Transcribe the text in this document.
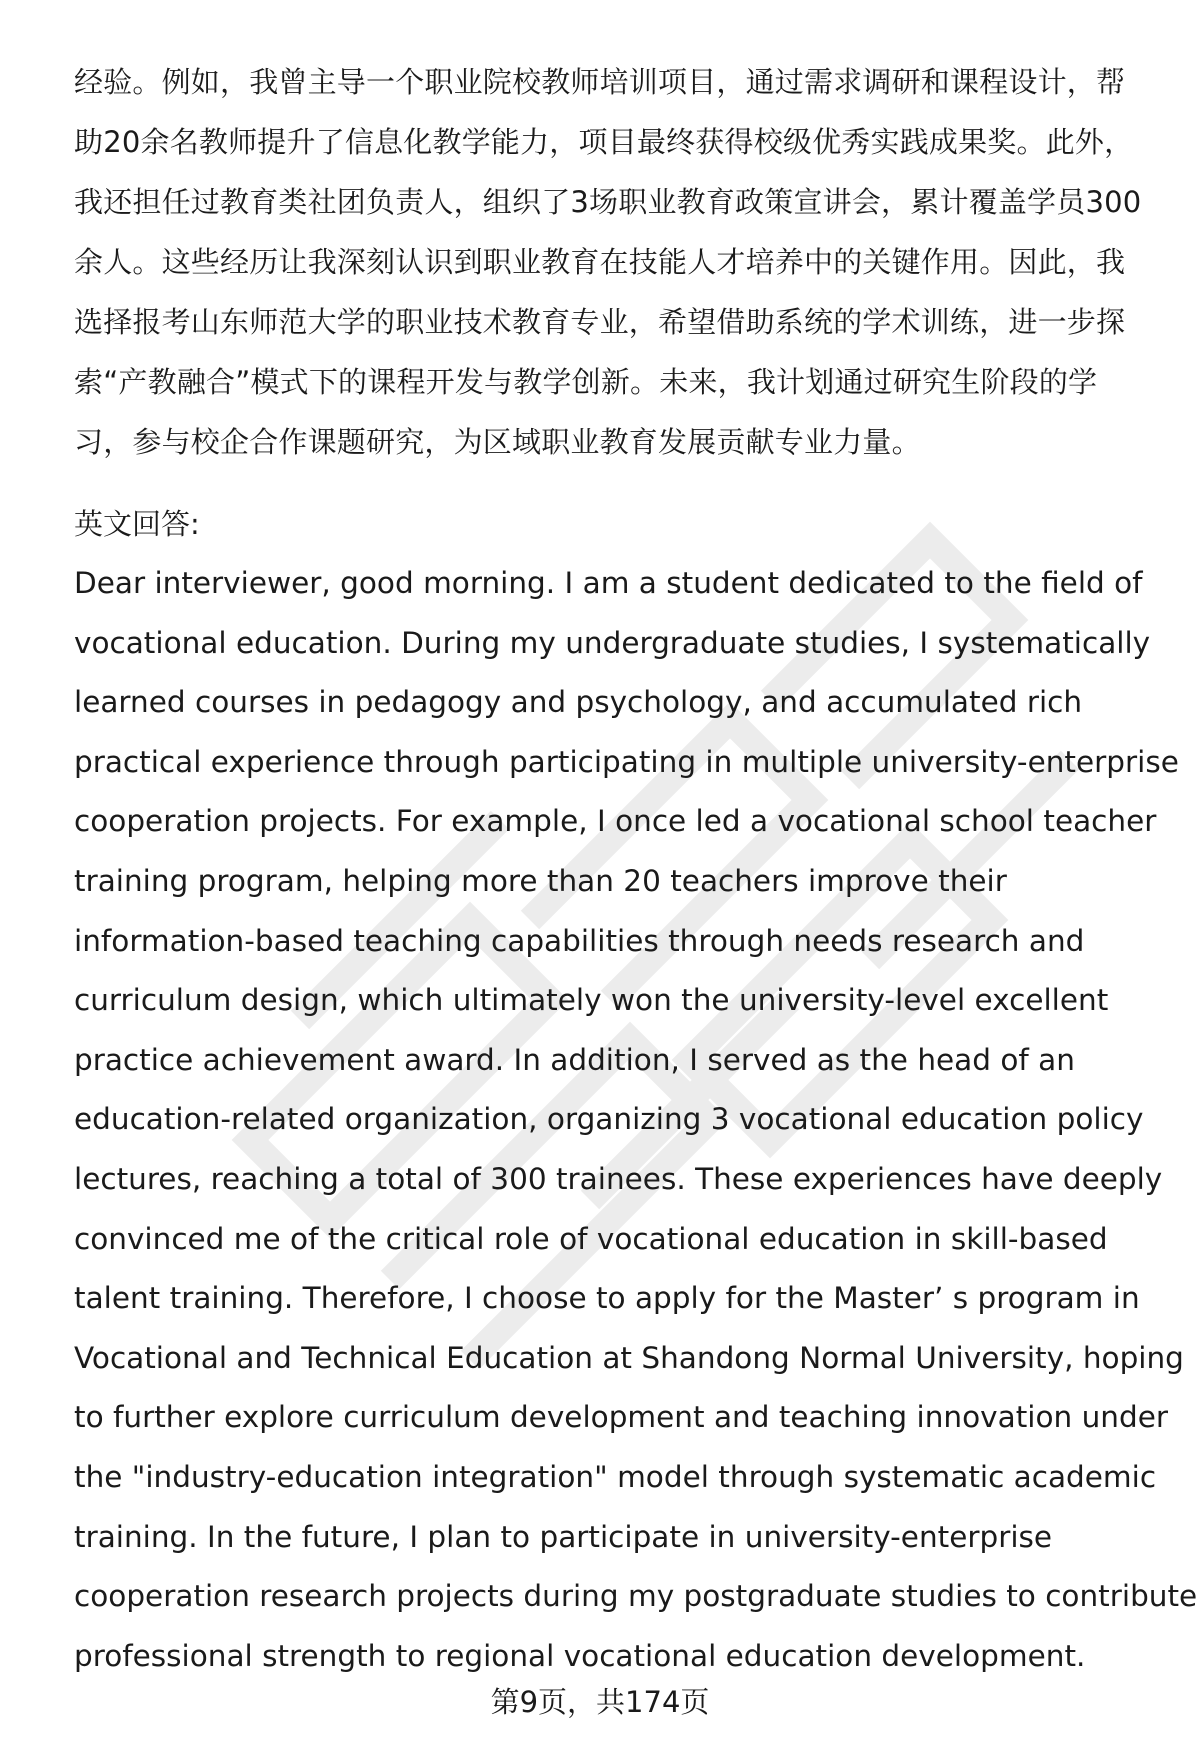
经验。例如，我曾主导一个职业院校教师培训项目，通过需求调研和课程设计，帮
助20余名教师提升了信息化教学能力，项目最终获得校级优秀实践成果奖。此外，
我还担任过教育类社团负责人，组织了3场职业教育政策宣讲会，累计覆盖学员300
余人。这些经历让我深刻认识到职业教育在技能人才培养中的关键作用。因此，我
选择报考山东师范大学的职业技术教育专业，希望借助系统的学术训练，进一步探
索“产教融合”模式下的课程开发与教学创新。未来，我计划通过研究生阶段的学
习，参与校企合作课题研究，为区域职业教育发展贡献专业力量。
英文回答:
Dear interviewer, good morning. I am a student dedicated to the field of
vocational education. During my undergraduate studies, I systematically
learned courses in pedagogy and psychology, and accumulated rich
practical experience through participating in multiple university-enterprise
cooperation projects. For example, I once led a vocational school teacher
training program, helping more than 20 teachers improve their
information-based teaching capabilities through needs research and
curriculum design, which ultimately won the university-level excellent
practice achievement award. In addition, I served as the head of an
education-related organization, organizing 3 vocational education policy
lectures, reaching a total of 300 trainees. These experiences have deeply
convinced me of the critical role of vocational education in skill-based
talent training. Therefore, I choose to apply for the Master’ s program in
Vocational and Technical Education at Shandong Normal University, hoping
to further explore curriculum development and teaching innovation under
the "industry-education integration" model through systematic academic
training. In the future, I plan to participate in university-enterprise
cooperation research projects during my postgraduate studies to contribute
professional strength to regional vocational education development.
第9页，共174页
